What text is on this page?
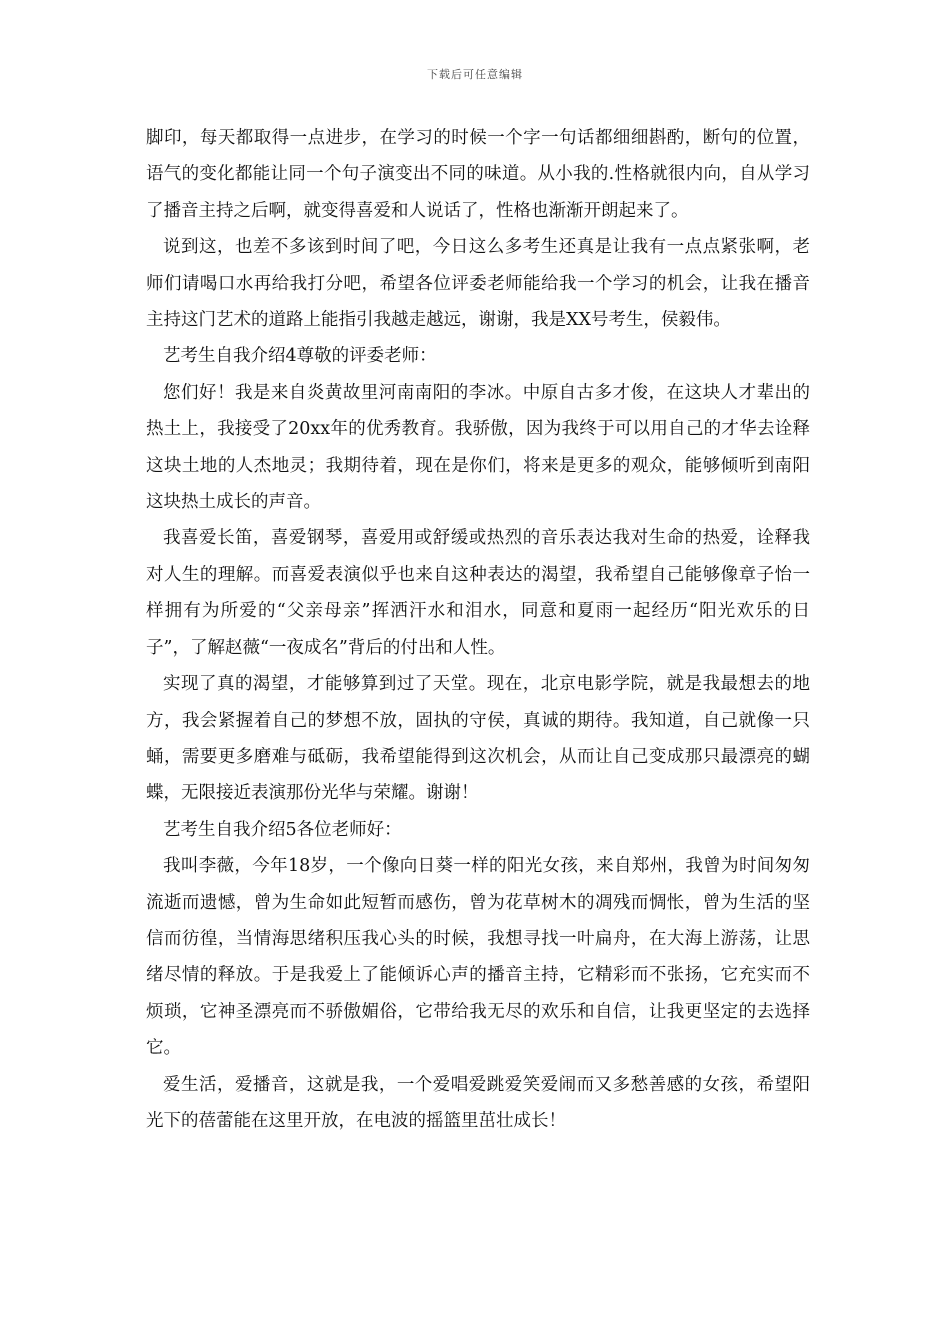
下载后可任意编辑

脚印，每天都取得一点进步，在学习的时候一个字一句话都细细斟酌，断句的位置，语气的变化都能让同一个句子演变出不同的味道。从小我的.性格就很内向，自从学习了播音主持之后啊，就变得喜爱和人说话了，性格也渐渐开朗起来了。

说到这，也差不多该到时间了吧，今日这么多考生还真是让我有一点点紧张啊，老师们请喝口水再给我打分吧，希望各位评委老师能给我一个学习的机会，让我在播音主持这门艺术的道路上能指引我越走越远，谢谢，我是XX号考生，侯毅伟。

艺考生自我介绍4尊敬的评委老师：

您们好！我是来自炎黄故里河南南阳的李冰。中原自古多才俊，在这块人才辈出的热土上，我接受了20xx年的优秀教育。我骄傲，因为我终于可以用自己的才华去诠释这块土地的人杰地灵；我期待着，现在是你们，将来是更多的观众，能够倾听到南阳这块热土成长的声音。

我喜爱长笛，喜爱钢琴，喜爱用或舒缓或热烈的音乐表达我对生命的热爱，诠释我对人生的理解。而喜爱表演似乎也来自这种表达的渴望，我希望自己能够像章子怡一样拥有为所爱的“父亲母亲”挥洒汗水和泪水，同意和夏雨一起经历“阳光欢乐的日子”，了解赵薇“一夜成名”背后的付出和人性。

实现了真的渴望，才能够算到过了天堂。现在，北京电影学院，就是我最想去的地方，我会紧握着自己的梦想不放，固执的守侯，真诚的期待。我知道，自己就像一只蛹，需要更多磨难与砥砺，我希望能得到这次机会，从而让自己变成那只最漂亮的蝴蝶，无限接近表演那份光华与荣耀。谢谢！

艺考生自我介绍5各位老师好：

我叫李薇，今年18岁，一个像向日葵一样的阳光女孩，来自郑州，我曾为时间匆匆流逝而遗憾，曾为生命如此短暂而感伤，曾为花草树木的凋残而惆怅，曾为生活的坚信而彷徨，当情海思绪积压我心头的时候，我想寻找一叶扁舟，在大海上游荡，让思绪尽情的释放。于是我爱上了能倾诉心声的播音主持，它精彩而不张扬，它充实而不烦琐，它神圣漂亮而不骄傲媚俗，它带给我无尽的欢乐和自信，让我更坚定的去选择它。

爱生活，爱播音，这就是我，一个爱唱爱跳爱笑爱闹而又多愁善感的女孩，希望阳光下的蓓蕾能在这里开放，在电波的摇篮里茁壮成长！
